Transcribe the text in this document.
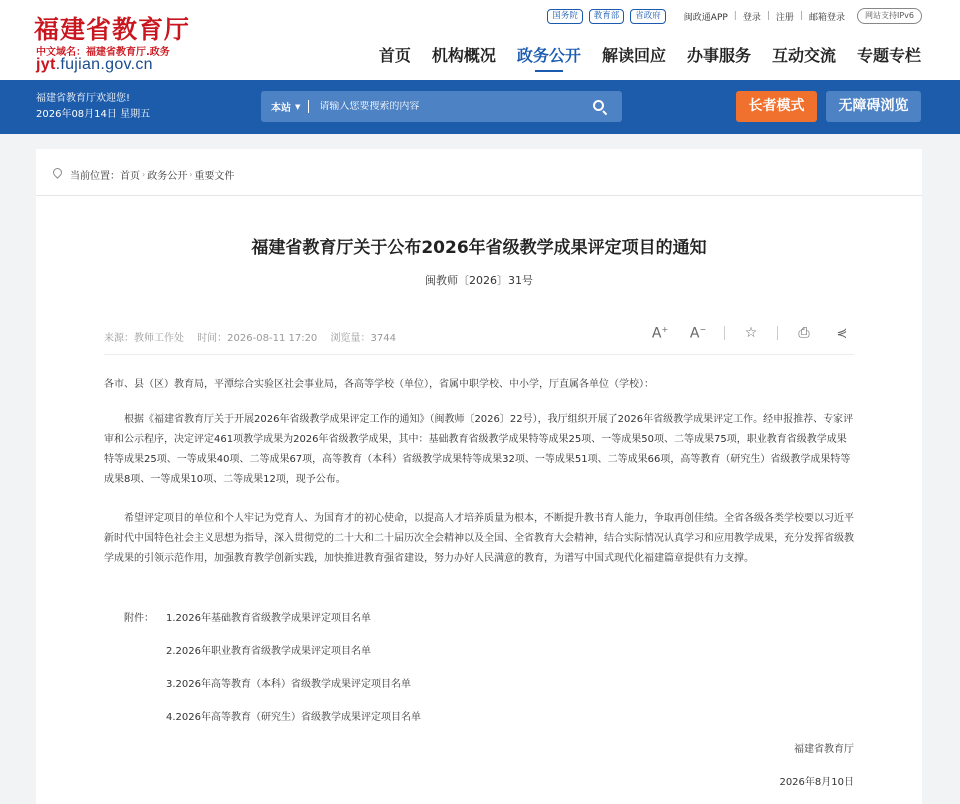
福建省教育厅
中文域名：福建省教育厅.政务
jyt.fujian.gov.cn
国务院	教育部	省政府	闽政通APP | 登录 | 注册 | 邮箱登录	网站支持IPv6
首页 机构概况 政务公开 解读回应 办事服务 互动交流 专题专栏
福建省教育厅欢迎您!
2026年08月14日 星期五
本站 ▼
请输入您要搜索的内容	长者模式	无障碍浏览
当前位置： 首页 › 政务公开 › 重要文件
福建省教育厅关于公布2026年省级教学成果评定项目的通知
闽教师〔2026〕31号
来源：教师工作处 时间：2026-08-11 17:20 浏览量：3744	A+ A−	☆	⎙	⋞
各市、县（区）教育局，平潭综合实验区社会事业局，各高等学校（单位），省属中职学校、中小学，厅直属各单位（学校）：
根据《福建省教育厅关于开展2026年省级教学成果评定工作的通知》（闽教师〔2026〕22号），我厅组织开展了2026年省级教学成果评定工作。经申报推荐、专家评审和公示程序，决定评定461项教学成果为2026年省级教学成果，其中：基础教育省级教学成果特等成果25项、一等成果50项、二等成果75项，职业教育省级教学成果特等成果25项、一等成果40项、二等成果67项，高等教育（本科）省级教学成果特等成果32项、一等成果51项、二等成果66项，高等教育（研究生）省级教学成果特等成果8项、一等成果10项、二等成果12项，现予公布。
希望评定项目的单位和个人牢记为党育人、为国育才的初心使命，以提高人才培养质量为根本，不断提升教书育人能力，争取再创佳绩。全省各级各类学校要以习近平新时代中国特色社会主义思想为指导，深入贯彻党的二十大和二十届历次全会精神以及全国、全省教育大会精神，结合实际情况认真学习和应用教学成果，充分发挥省级教学成果的引领示范作用，加强教育教学创新实践，加快推进教育强省建设，努力办好人民满意的教育，为谱写中国式现代化福建篇章提供有力支撑。
附件： 1.2026年基础教育省级教学成果评定项目名单
2.2026年职业教育省级教学成果评定项目名单
3.2026年高等教育（本科）省级教学成果评定项目名单
4.2026年高等教育（研究生）省级教学成果评定项目名单
福建省教育厅
2026年8月10日
